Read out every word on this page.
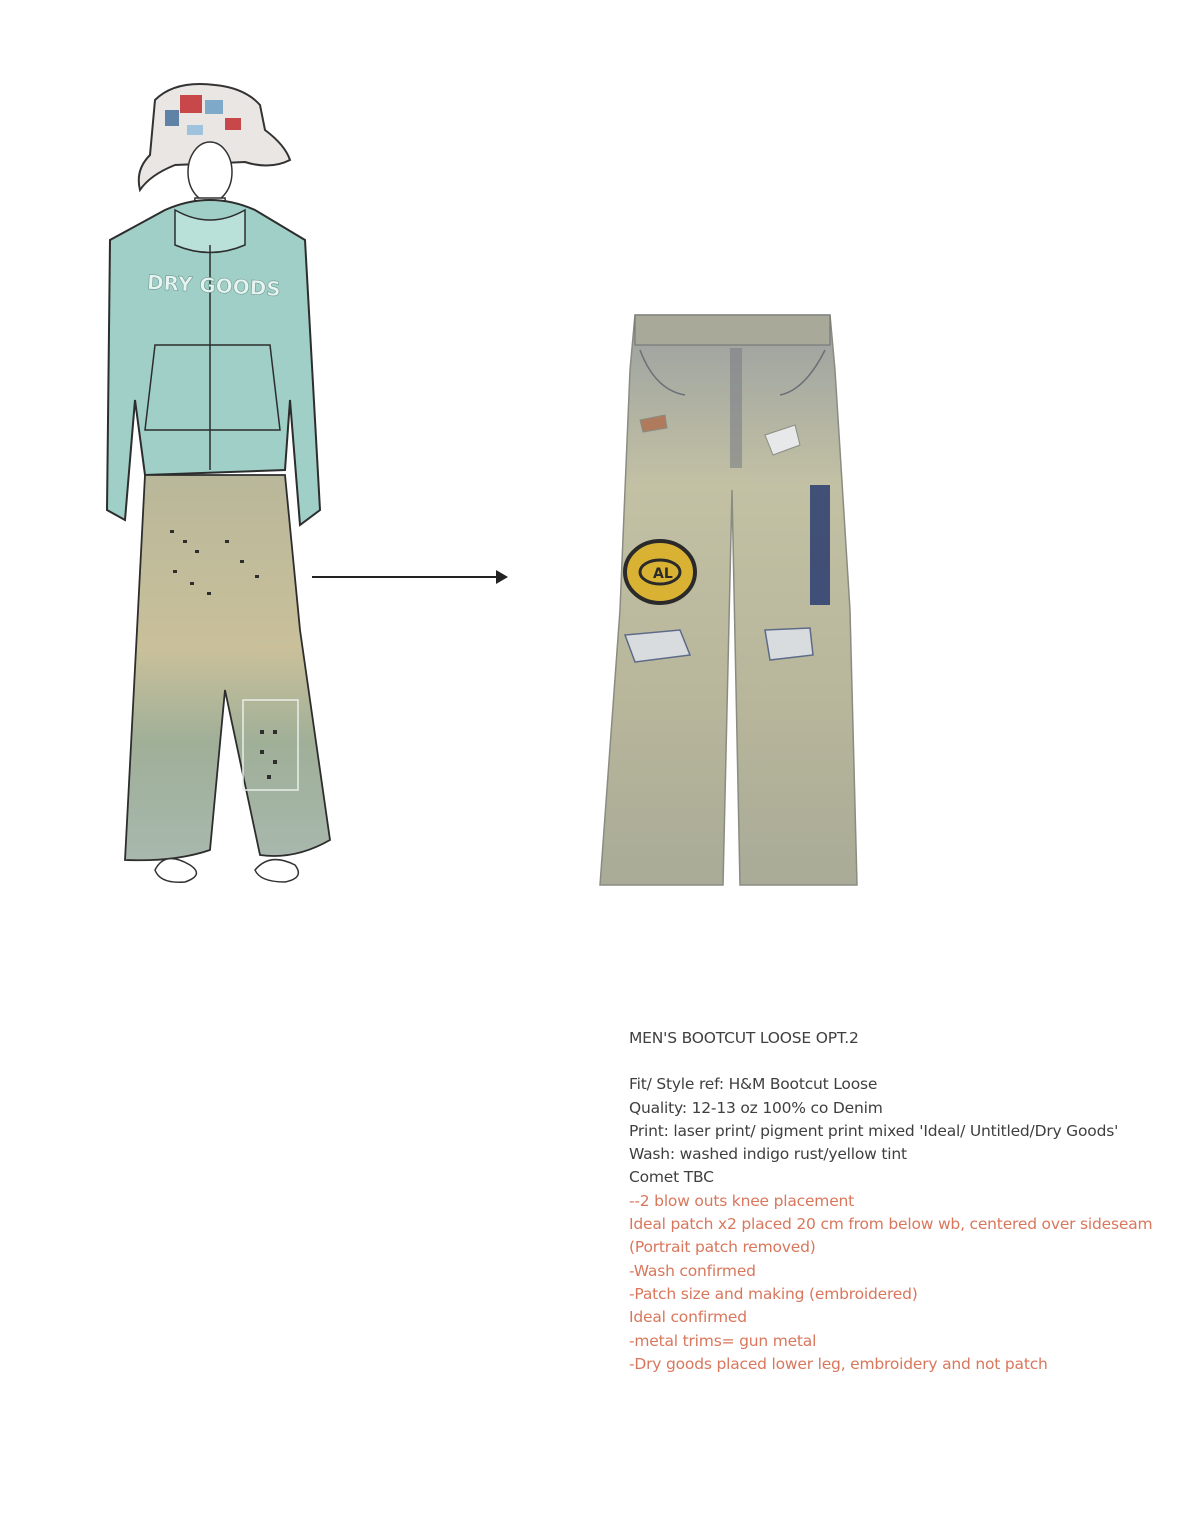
DRY GOODS
AL
MEN'S BOOTCUT LOOSE OPT.2
Fit/ Style ref: H&M Bootcut Loose
Quality: 12-13 oz 100% co Denim
Print: laser print/ pigment print mixed 'Ideal/ Untitled/Dry Goods'
Wash: washed indigo rust/yellow tint
Comet TBC
--2 blow outs knee placement
Ideal patch x2 placed 20 cm from below wb, centered over sideseam (Portrait patch removed)
-Wash confirmed
-Patch size and making (embroidered)
Ideal confirmed
-metal trims= gun metal
-Dry goods placed lower leg, embroidery and not patch
